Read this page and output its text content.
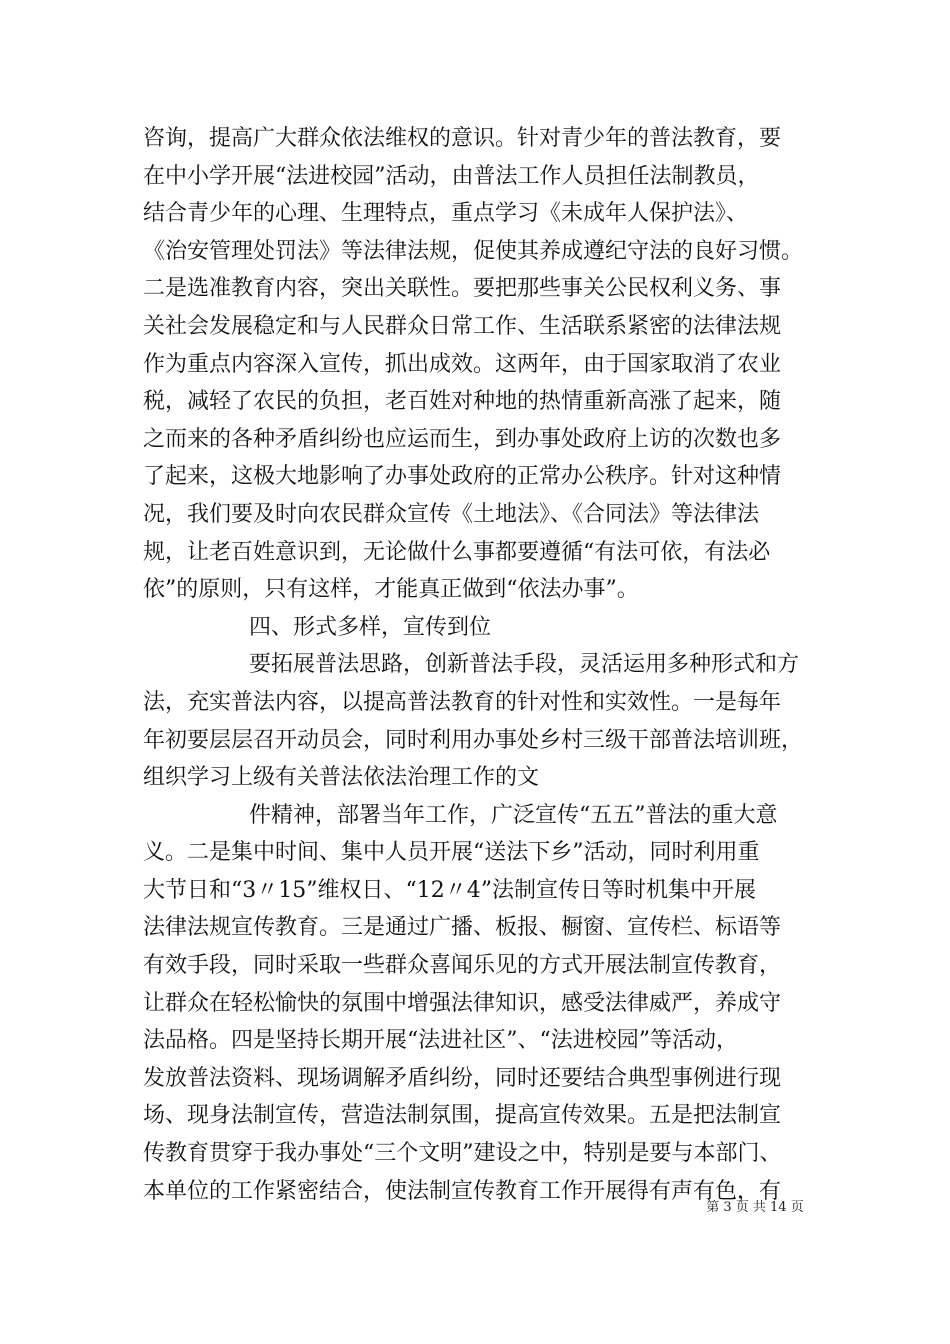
咨询，提高广大群众依法维权的意识。针对青少年的普法教育，要
在中小学开展“法进校园”活动，由普法工作人员担任法制教员，
结合青少年的心理、生理特点，重点学习《未成年人保护法》、
《治安管理处罚法》等法律法规，促使其养成遵纪守法的良好习惯。
二是选准教育内容，突出关联性。要把那些事关公民权利义务、事
关社会发展稳定和与人民群众日常工作、生活联系紧密的法律法规
作为重点内容深入宣传，抓出成效。这两年，由于国家取消了农业
税，减轻了农民的负担，老百姓对种地的热情重新高涨了起来，随
之而来的各种矛盾纠纷也应运而生，到办事处政府上访的次数也多
了起来，这极大地影响了办事处政府的正常办公秩序。针对这种情
况，我们要及时向农民群众宣传《土地法》、《合同法》等法律法
规，让老百姓意识到，无论做什么事都要遵循“有法可依，有法必
依”的原则，只有这样，才能真正做到“依法办事”。
四、形式多样，宣传到位
要拓展普法思路，创新普法手段，灵活运用多种形式和方
法，充实普法内容，以提高普法教育的针对性和实效性。一是每年
年初要层层召开动员会，同时利用办事处乡村三级干部普法培训班，
组织学习上级有关普法依法治理工作的文
件精神，部署当年工作，广泛宣传“五五”普法的重大意
义。二是集中时间、集中人员开展“送法下乡”活动，同时利用重
大节日和“3〃15”维权日、“12〃4”法制宣传日等时机集中开展
法律法规宣传教育。三是通过广播、板报、橱窗、宣传栏、标语等
有效手段，同时采取一些群众喜闻乐见的方式开展法制宣传教育，
让群众在轻松愉快的氛围中增强法律知识，感受法律威严，养成守
法品格。四是坚持长期开展“法进社区”、“法进校园”等活动，
发放普法资料、现场调解矛盾纠纷，同时还要结合典型事例进行现
场、现身法制宣传，营造法制氛围，提高宣传效果。五是把法制宣
传教育贯穿于我办事处“三个文明”建设之中，特别是要与本部门、
本单位的工作紧密结合，使法制宣传教育工作开展得有声有色，有
第 3 页 共 14 页
